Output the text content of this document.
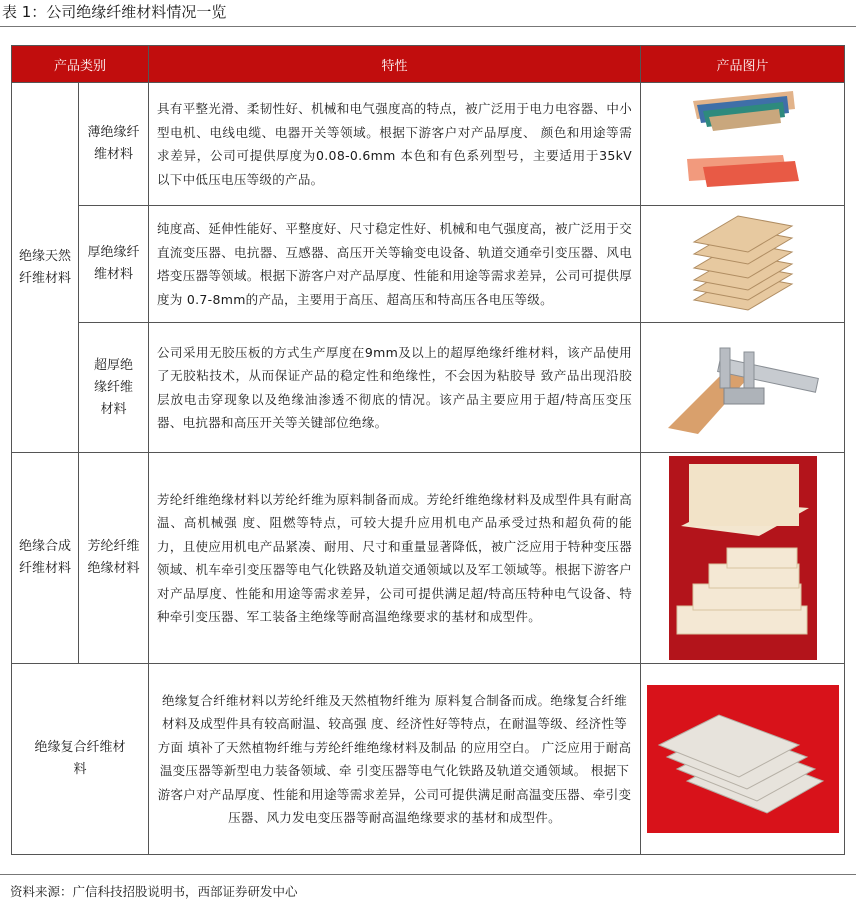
表 1：公司绝缘纤维材料情况一览
产品类别		特性	产品图片

绝缘天然纤维材料	薄绝缘纤维材料	具有平整光滑、柔韧性好、机械和电气强度高的特点，被广泛用于电力电容器、中小型电机、电线电缆、电器开关等领域。根据下游客户对产品厚度、 颜色和用途等需求差异，公司可提供厚度为0.08-0.6mm 本色和有色系列型号，主要适用于35kV以下中低压电压等级的产品。	

	厚绝缘纤维材料	纯度高、延伸性能好、平整度好、尺寸稳定性好、机械和电气强度高，被广泛用于交直流变压器、电抗器、互感器、高压开关等输变电设备、轨道交通牵引变压器、风电塔变压器等领域。根据下游客户对产品厚度、性能和用途等需求差异，公司可提供厚度为 0.7-8mm的产品，主要用于高压、超高压和特高压各电压等级。	

	超厚绝缘纤维材料	公司采用无胶压板的方式生产厚度在9mm及以上的超厚绝缘纤维材料，该产品使用了无胶粘技术，从而保证产品的稳定性和绝缘性，不会因为粘胶导 致产品出现沿胶层放电击穿现象以及绝缘油渗透不彻底的情况。该产品主要应用于超/特高压变压器、电抗器和高压开关等关键部位绝缘。	

绝缘合成纤维材料	芳纶纤维绝缘材料	芳纶纤维绝缘材料以芳纶纤维为原料制备而成。芳纶纤维绝缘材料及成型件具有耐高温、高机械强 度、阻燃等特点，可较大提升应用机电产品承受过热和超负荷的能力，且使应用机电产品紧凑、耐用、尺寸和重量显著降低，被广泛应用于特种变压器领域、机车牵引变压器等电气化铁路及轨道交通领域以及军工领域等。根据下游客户对产品厚度、性能和用途等需求差异，公司可提供满足超/特高压特种电气设备、特种牵引变压器、军工装备主绝缘等耐高温绝缘要求的基材和成型件。	

绝缘复合纤维材料		绝缘复合纤维材料以芳纶纤维及天然植物纤维为 原料复合制备而成。绝缘复合纤维材料及成型件具有较高耐温、较高强 度、经济性好等特点，在耐温等级、经济性等方面 填补了天然植物纤维与芳纶纤维绝缘材料及制品 的应用空白。 广泛应用于耐高温变压器等新型电力装备领域、牵 引变压器等电气化铁路及轨道交通领域。 根据下游客户对产品厚度、性能和用途等需求差异，公司可提供满足耐高温变压器、牵引变压器、风力发电变压器等耐高温绝缘要求的基材和成型件。	
资料来源：广信科技招股说明书，西部证券研发中心
